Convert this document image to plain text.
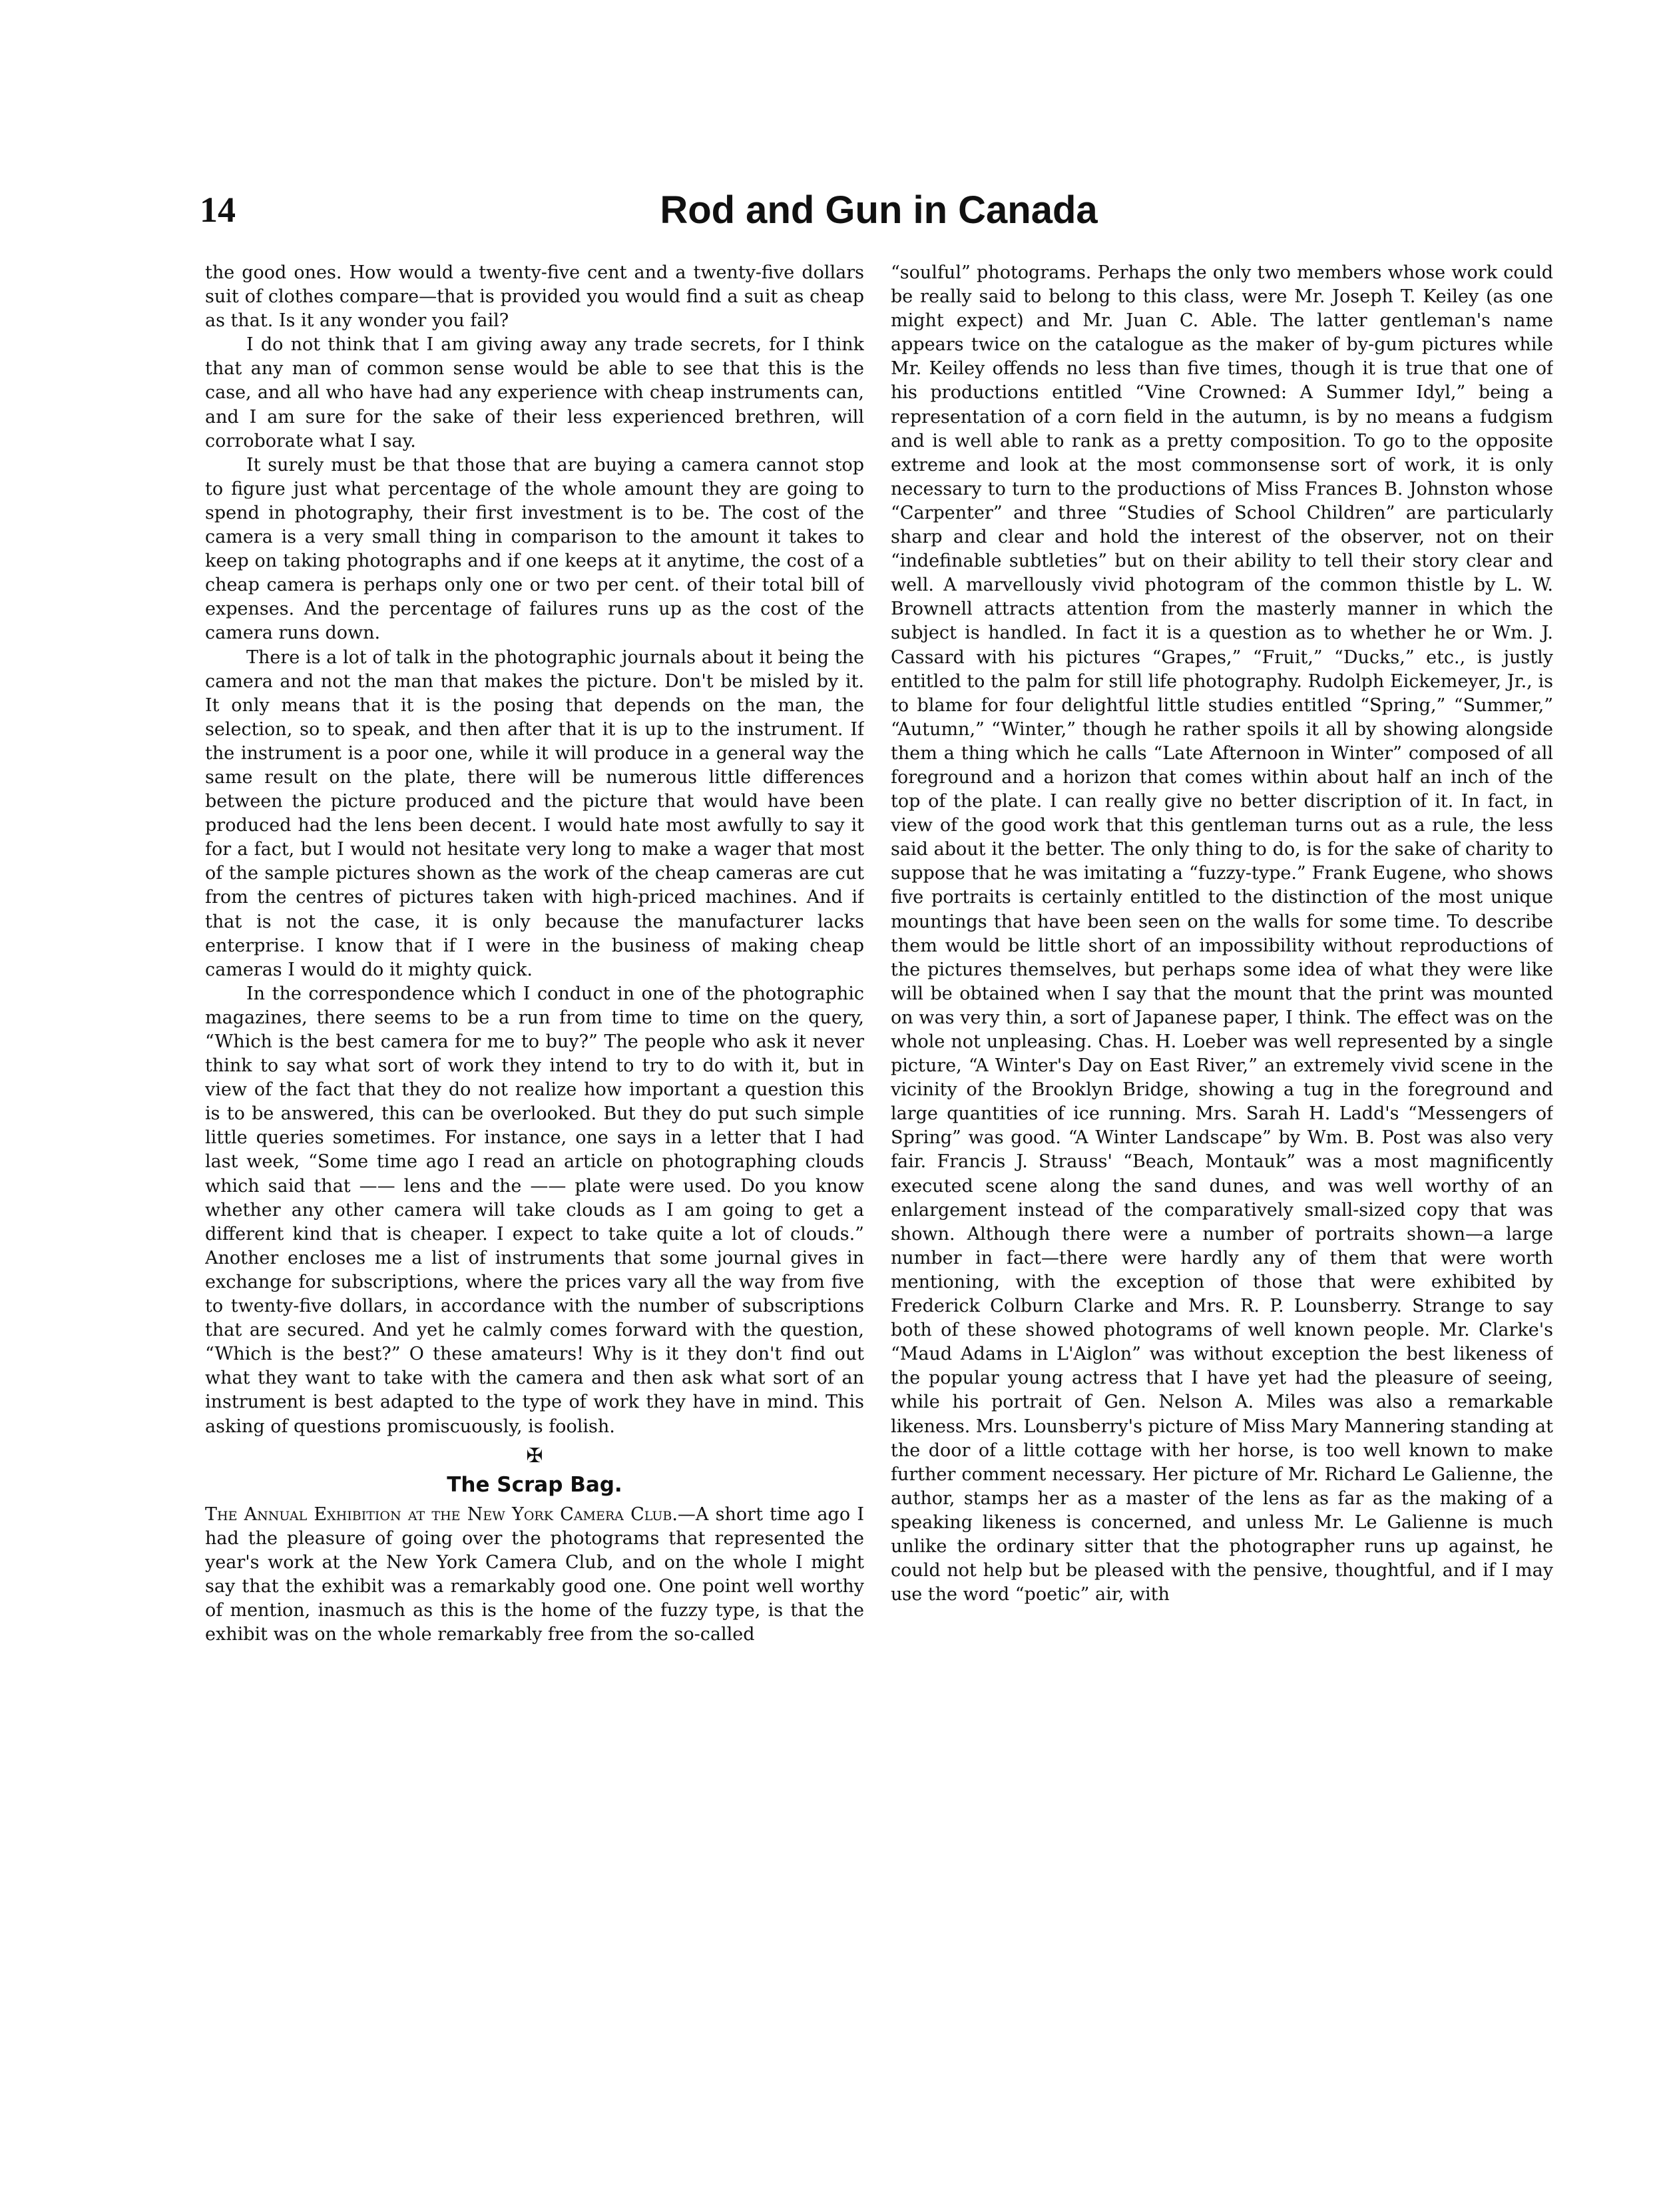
14	Rod and Gun in Canada

the good ones. How would a twenty-five cent and a twenty-five dollars suit of clothes compare—that is provided you would find a suit as cheap as that. Is it any wonder you fail?

I do not think that I am giving away any trade secrets, for I think that any man of common sense would be able to see that this is the case, and all who have had any experience with cheap instruments can, and I am sure for the sake of their less experienced brethren, will corroborate what I say.

It surely must be that those that are buying a camera cannot stop to figure just what percentage of the whole amount they are going to spend in photography, their first investment is to be. The cost of the camera is a very small thing in comparison to the amount it takes to keep on taking photographs and if one keeps at it anytime, the cost of a cheap camera is perhaps only one or two per cent. of their total bill of expenses. And the percentage of failures runs up as the cost of the camera runs down.

There is a lot of talk in the photographic journals about it being the camera and not the man that makes the picture. Don't be misled by it. It only means that it is the posing that depends on the man, the selection, so to speak, and then after that it is up to the instrument. If the instrument is a poor one, while it will produce in a general way the same result on the plate, there will be numerous little differences between the picture produced and the picture that would have been produced had the lens been decent. I would hate most awfully to say it for a fact, but I would not hesitate very long to make a wager that most of the sample pictures shown as the work of the cheap cameras are cut from the centres of pictures taken with high-priced machines. And if that is not the case, it is only because the manufacturer lacks enterprise. I know that if I were in the business of making cheap cameras I would do it mighty quick.

In the correspondence which I conduct in one of the photographic magazines, there seems to be a run from time to time on the query, “Which is the best camera for me to buy?” The people who ask it never think to say what sort of work they intend to try to do with it, but in view of the fact that they do not realize how important a question this is to be answered, this can be overlooked. But they do put such simple little queries sometimes. For instance, one says in a letter that I had last week, “Some time ago I read an article on photographing clouds which said that —— lens and the —— plate were used. Do you know whether any other camera will take clouds as I am going to get a different kind that is cheaper. I expect to take quite a lot of clouds.” Another encloses me a list of instruments that some journal gives in exchange for subscriptions, where the prices vary all the way from five to twenty-five dollars, in accordance with the number of subscriptions that are secured. And yet he calmly comes forward with the question, “Which is the best?” O these amateurs! Why is it they don't find out what they want to take with the camera and then ask what sort of an instrument is best adapted to the type of work they have in mind. This asking of questions promiscuously, is foolish.

✠
The Scrap Bag.

The Annual Exhibition at the New York Camera Club.—A short time ago I had the pleasure of going over the photograms that represented the year's work at the New York Camera Club, and on the whole I might say that the exhibit was a remarkably good one. One point well worthy of mention, inasmuch as this is the home of the fuzzy type, is that the exhibit was on the whole remarkably free from the so-called

“soulful” photograms. Perhaps the only two members whose work could be really said to belong to this class, were Mr. Joseph T. Keiley (as one might expect) and Mr. Juan C. Able. The latter gentleman's name appears twice on the catalogue as the maker of by-gum pictures while Mr. Keiley offends no less than five times, though it is true that one of his productions entitled “Vine Crowned: A Summer Idyl,” being a representation of a corn field in the autumn, is by no means a fudgism and is well able to rank as a pretty composition. To go to the opposite extreme and look at the most commonsense sort of work, it is only necessary to turn to the productions of Miss Frances B. Johnston whose “Carpenter” and three “Studies of School Children” are particularly sharp and clear and hold the interest of the observer, not on their “indefinable subtleties” but on their ability to tell their story clear and well. A marvellously vivid photogram of the common thistle by L. W. Brownell attracts attention from the masterly manner in which the subject is handled. In fact it is a question as to whether he or Wm. J. Cassard with his pictures “Grapes,” “Fruit,” “Ducks,” etc., is justly entitled to the palm for still life photography. Rudolph Eickemeyer, Jr., is to blame for four delightful little studies entitled “Spring,” “Summer,” “Autumn,” “Winter,” though he rather spoils it all by showing alongside them a thing which he calls “Late Afternoon in Winter” composed of all foreground and a horizon that comes within about half an inch of the top of the plate. I can really give no better discription of it. In fact, in view of the good work that this gentleman turns out as a rule, the less said about it the better. The only thing to do, is for the sake of charity to suppose that he was imitating a “fuzzy-type.” Frank Eugene, who shows five portraits is certainly entitled to the distinction of the most unique mountings that have been seen on the walls for some time. To describe them would be little short of an impossibility without reproductions of the pictures themselves, but perhaps some idea of what they were like will be obtained when I say that the mount that the print was mounted on was very thin, a sort of Japanese paper, I think. The effect was on the whole not unpleasing. Chas. H. Loeber was well represented by a single picture, “A Winter's Day on East River,” an extremely vivid scene in the vicinity of the Brooklyn Bridge, showing a tug in the foreground and large quantities of ice running. Mrs. Sarah H. Ladd's “Messengers of Spring” was good. “A Winter Landscape” by Wm. B. Post was also very fair. Francis J. Strauss' “Beach, Montauk” was a most magnificently executed scene along the sand dunes, and was well worthy of an enlargement instead of the comparatively small-sized copy that was shown. Although there were a number of portraits shown—a large number in fact—there were hardly any of them that were worth mentioning, with the exception of those that were exhibited by Frederick Colburn Clarke and Mrs. R. P. Lounsberry. Strange to say both of these showed photograms of well known people. Mr. Clarke's “Maud Adams in L'Aiglon” was without exception the best likeness of the popular young actress that I have yet had the pleasure of seeing, while his portrait of Gen. Nelson A. Miles was also a remarkable likeness. Mrs. Lounsberry's picture of Miss Mary Mannering standing at the door of a little cottage with her horse, is too well known to make further comment necessary. Her picture of Mr. Richard Le Galienne, the author, stamps her as a master of the lens as far as the making of a speaking likeness is concerned, and unless Mr. Le Galienne is much unlike the ordinary sitter that the photographer runs up against, he could not help but be pleased with the pensive, thoughtful, and if I may use the word “poetic” air, with
